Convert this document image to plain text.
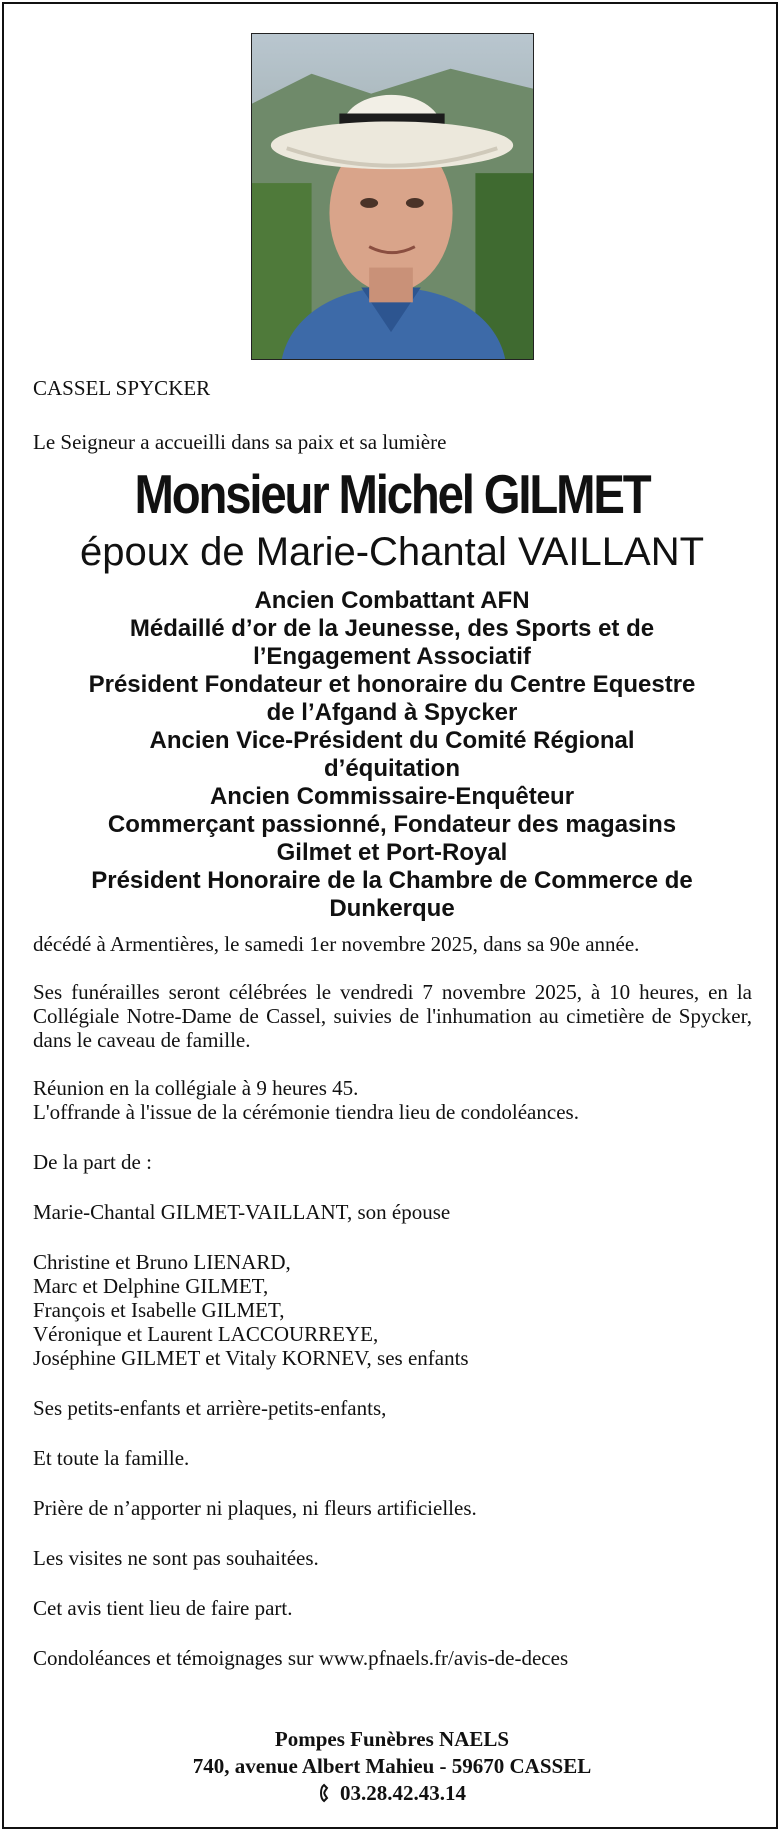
CASSEL SPYCKER
Le Seigneur a accueilli dans sa paix et sa lumière
Monsieur Michel GILMET
époux de Marie-Chantal VAILLANT
Ancien Combattant AFN
Médaillé d’or de la Jeunesse, des Sports et de
l’Engagement Associatif
Président Fondateur et honoraire du Centre Equestre
de l’Afgand à Spycker
Ancien Vice-Président du Comité Régional
d’équitation
Ancien Commissaire-Enquêteur
Commerçant passionné, Fondateur des magasins
Gilmet et Port-Royal
Président Honoraire de la Chambre de Commerce de
Dunkerque

décédé à Armentières, le samedi 1er novembre 2025, dans sa 90e année.

Ses funérailles seront célébrées le vendredi 7 novembre 2025, à 10 heures, en la Collégiale Notre-Dame de Cassel, suivies de l'inhumation au cimetière de Spycker, dans le caveau de famille.

Réunion en la collégiale à 9 heures 45.

L'offrande à l'issue de la cérémonie tiendra lieu de condoléances.

De la part de :

Marie-Chantal GILMET-VAILLANT, son épouse

Christine et Bruno LIENARD,

Marc et Delphine GILMET,

François et Isabelle GILMET,

Véronique et Laurent LACCOURREYE,

Joséphine GILMET et Vitaly KORNEV, ses enfants

Ses petits-enfants et arrière-petits-enfants,

Et toute la famille.

Prière de n’apporter ni plaques, ni fleurs artificielles.

Les visites ne sont pas souhaitées.

Cet avis tient lieu de faire part.

Condoléances et témoignages sur www.pfnaels.fr/avis-de-deces

Pompes Funèbres NAELS
740, avenue Albert Mahieu - 59670 CASSEL
03.28.42.43.14
